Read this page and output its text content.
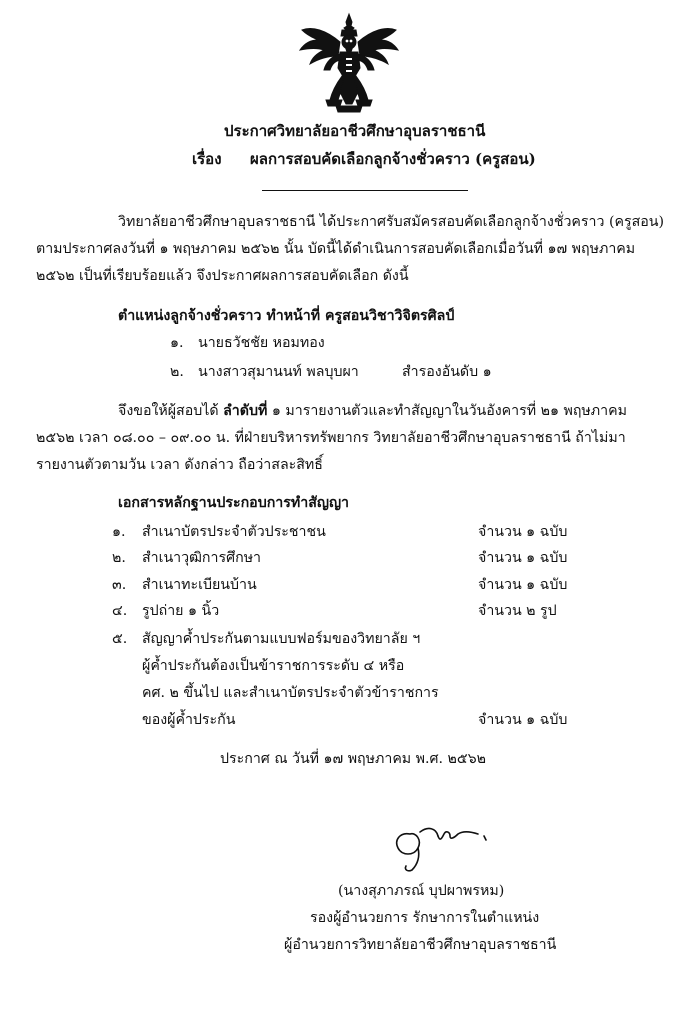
ประกาศวิทยาลัยอาชีวศึกษาอุบลราชธานี
เรื่อง ผลการสอบคัดเลือกลูกจ้างชั่วคราว (ครูสอน)
วิทยาลัยอาชีวศึกษาอุบลราชธานี ได้ประกาศรับสมัครสอบคัดเลือกลูกจ้างชั่วคราว (ครูสอน)
ตามประกาศลงวันที่ ๑ พฤษภาคม ๒๕๖๒ นั้น บัดนี้ได้ดำเนินการสอบคัดเลือกเมื่อวันที่ ๑๗ พฤษภาคม
๒๕๖๒ เป็นที่เรียบร้อยแล้ว จึงประกาศผลการสอบคัดเลือก ดังนี้
ตำแหน่งลูกจ้างชั่วคราว ทำหน้าที่ ครูสอนวิชาวิจิตรศิลป์
๑. นายธวัชชัย หอมทอง
๒. นางสาวสุมานนท์ พลบุบผา	สำรองอันดับ ๑
จึงขอให้ผู้สอบได้ ลำดับที่ ๑ มารายงานตัวและทำสัญญาในวันอังคารที่ ๒๑ พฤษภาคม
๒๕๖๒ เวลา ๐๘.๐๐ – ๐๙.๐๐ น. ที่ฝ่ายบริหารทรัพยากร วิทยาลัยอาชีวศึกษาอุบลราชธานี ถ้าไม่มา
รายงานตัวตามวัน เวลา ดังกล่าว ถือว่าสละสิทธิ์
เอกสารหลักฐานประกอบการทำสัญญา
๑. สำเนาบัตรประจำตัวประชาชน	จำนวน ๑ ฉบับ
๒. สำเนาวุฒิการศึกษา	จำนวน ๑ ฉบับ
๓. สำเนาทะเบียนบ้าน	จำนวน ๑ ฉบับ
๔. รูปถ่าย ๑ นิ้ว	จำนวน ๒ รูป
๕. สัญญาค้ำประกันตามแบบฟอร์มของวิทยาลัย ฯ
ผู้ค้ำประกันต้องเป็นข้าราชการระดับ ๔ หรือ
คศ. ๒ ขึ้นไป และสำเนาบัตรประจำตัวข้าราชการ
ของผู้ค้ำประกัน	จำนวน ๑ ฉบับ
ประกาศ ณ วันที่ ๑๗ พฤษภาคม พ.ศ. ๒๕๖๒
(นางสุภาภรณ์ บุปผาพรหม)
รองผู้อำนวยการ รักษาการในตำแหน่ง
ผู้อำนวยการวิทยาลัยอาชีวศึกษาอุบลราชธานี
